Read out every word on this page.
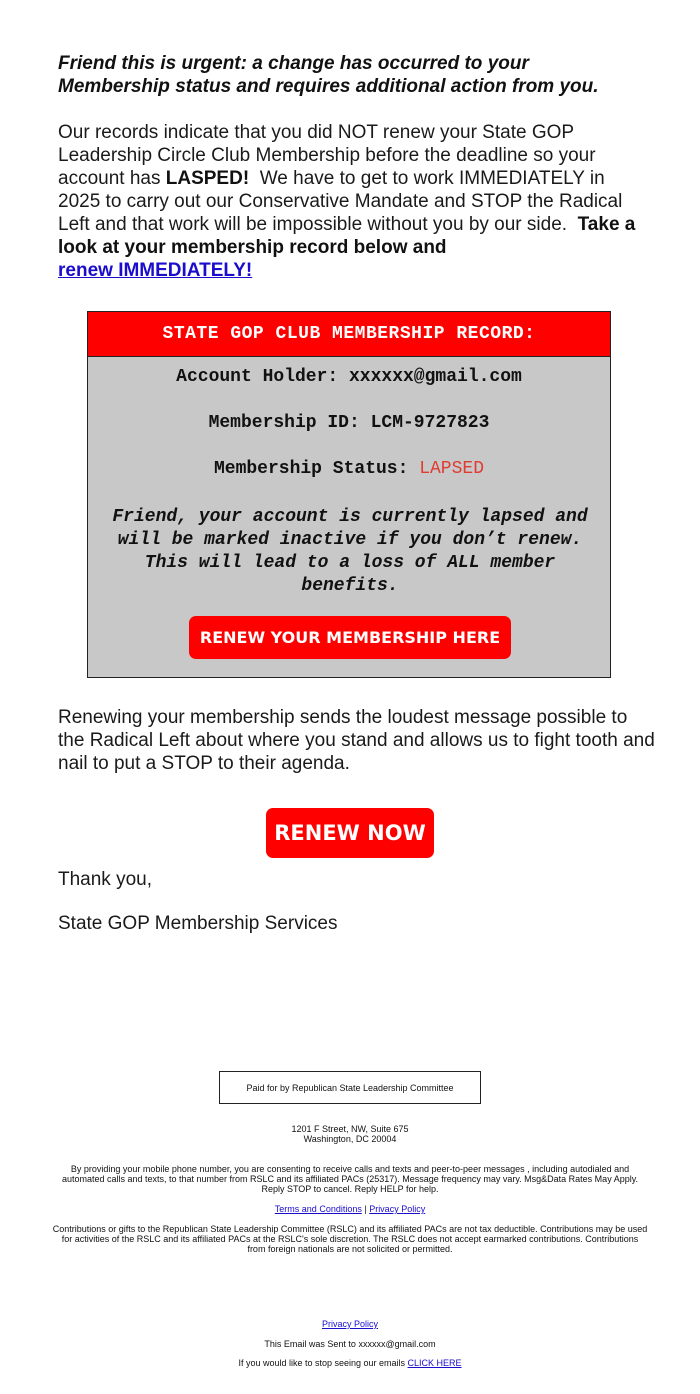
Friend this is urgent: a change has occurred to your
Membership status and requires additional action from you.

Our records indicate that you did NOT renew your State GOP Leadership Circle Club Membership before the deadline so your account has LASPED!  We have to get to work IMMEDIATELY in 2025 to carry out our Conservative Mandate and STOP the Radical Left and that work will be impossible without you by our side.  Take a look at your membership record below and
renew IMMEDIATELY!

STATE GOP CLUB MEMBERSHIP RECORD:
Account Holder: xxxxxx@gmail.com
Membership ID: LCM-9727823
Membership Status: LAPSED
Friend, your account is currently lapsed and will be marked inactive if you don’t renew. This will lead to a loss of ALL member benefits.
RENEW YOUR MEMBERSHIP HERE

Renewing your membership sends the loudest message possible to the Radical Left about where you stand and allows us to fight tooth and nail to put a STOP to their agenda.

RENEW NOW
Thank you,
State GOP Membership Services
Paid for by Republican State Leadership Committee
1201 F Street, NW, Suite 675
Washington, DC 20004
By providing your mobile phone number, you are consenting to receive calls and texts and peer-to-peer messages , including autodialed and automated calls and texts, to that number from RSLC and its affiliated PACs (25317). Message frequency may vary. Msg&Data Rates May Apply. Reply STOP to cancel. Reply HELP for help.
Terms and Conditions | Privacy Policy
Contributions or gifts to the Republican State Leadership Committee (RSLC) and its affiliated PACs are not tax deductible. Contributions may be used for activities of the RSLC and its affiliated PACs at the RSLC's sole discretion. The RSLC does not accept earmarked contributions. Contributions from foreign nationals are not solicited or permitted.
Privacy Policy
This Email was Sent to xxxxxx@gmail.com
If you would like to stop seeing our emails CLICK HERE
